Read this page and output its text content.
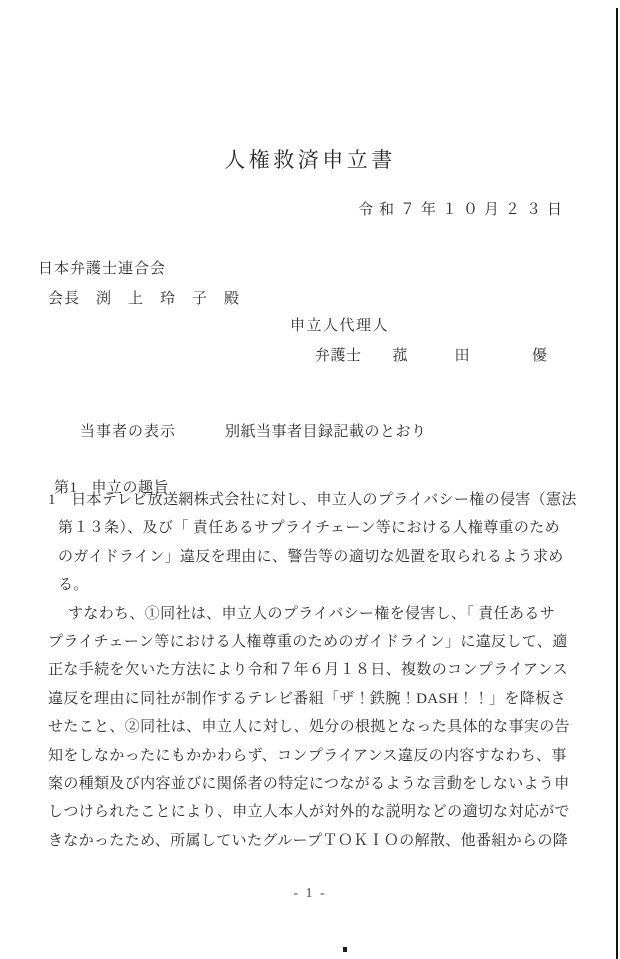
人権救済申立書
令和７年１０月２３日
日本弁護士連合会
会長　渕　上　玲　子　殿
申立人代理人
弁護士　　菰　　　田　　　　優

当事者の表示	別紙当事者目録記載のとおり

第1 申立の趣旨

1　日本テレビ放送網株式会社に対し、申立人のプライバシー権の侵害（憲法
第１３条）、及び「 責任あるサプライチェーン等における人権尊重のため
のガイドライン」違反を理由に、警告等の適切な処置を取られるよう求め
る。
すなわち、①同社は、申立人のプライバシー権を侵害し、「 責任あるサ
プライチェーン等における人権尊重のためのガイドライン」に違反して、適
正な手続を欠いた方法により令和７年６月１８日、複数のコンプライアンス
違反を理由に同社が制作するテレビ番組「ザ！鉄腕！DASH！！」を降板さ
せたこと、②同社は、申立人に対し、処分の根拠となった具体的な事実の告
知をしなかったにもかかわらず、コンプライアンス違反の内容すなわち、事
案の種類及び内容並びに関係者の特定につながるような言動をしないよう申
しつけられたことにより、申立人本人が対外的な説明などの適切な対応がで
きなかったため、所属していたグループＴＯＫＩＯの解散、他番組からの降
- 1 -
